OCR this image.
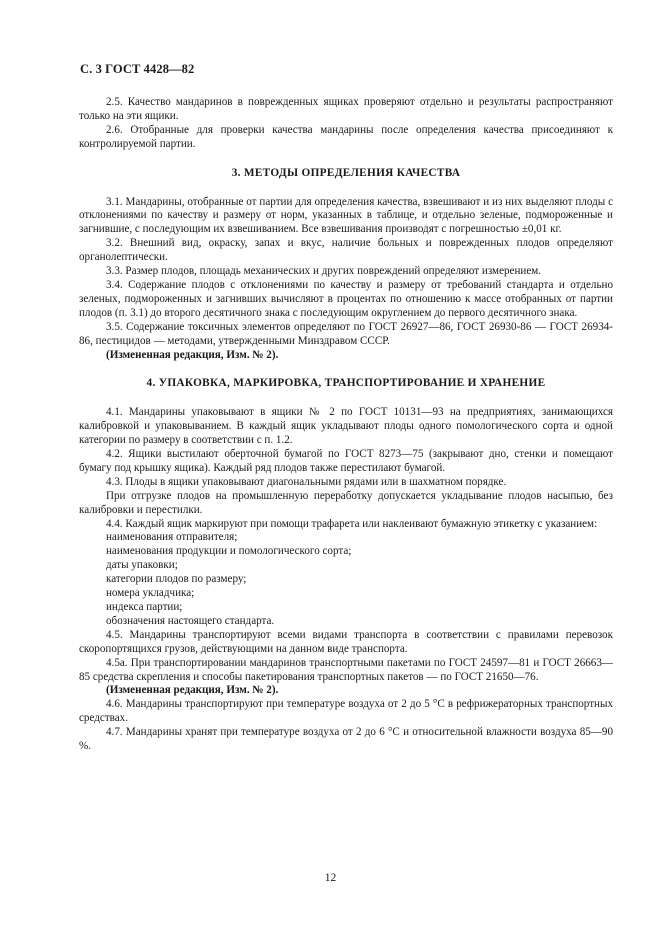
С. 3 ГОСТ 4428—82

2.5. Качество мандаринов в поврежденных ящиках проверяют отдельно и результаты распространяют только на эти ящики.

2.6. Отобранные для проверки качества мандарины после определения качества присоединяют к контролируемой партии.

3. МЕТОДЫ ОПРЕДЕЛЕНИЯ КАЧЕСТВА

3.1. Мандарины, отобранные от партии для определения качества, взвешивают и из них выделяют плоды с отклонениями по качеству и размеру от норм, указанных в таблице, и отдельно зеленые, подмороженные и загнившие, с последующим их взвешиванием. Все взвешивания производят с погрешностью ±0,01 кг.

3.2. Внешний вид, окраску, запах и вкус, наличие больных и поврежденных плодов определяют органолептически.

3.3. Размер плодов, площадь механических и других повреждений определяют измерением.

3.4. Содержание плодов с отклонениями по качеству и размеру от требований стандарта и отдельно зеленых, подмороженных и загнивших вычисляют в процентах по отношению к массе отобранных от партии плодов (п. 3.1) до второго десятичного знака с последующим округлением до первого десятичного знака.

3.5. Содержание токсичных элементов определяют по ГОСТ 26927—86, ГОСТ 26930-86 — ГОСТ 26934-86, пестицидов — методами, утвержденными Минздравом СССР.

(Измененная редакция, Изм. № 2).

4. УПАКОВКА, МАРКИРОВКА, ТРАНСПОРТИРОВАНИЕ И ХРАНЕНИЕ

4.1. Мандарины упаковывают в ящики № 2 по ГОСТ 10131—93 на предприятиях, занимающихся калибровкой и упаковыванием. В каждый ящик укладывают плоды одного помологического сорта и одной категории по размеру в соответствии с п. 1.2.

4.2. Ящики выстилают оберточной бумагой по ГОСТ 8273—75 (закрывают дно, стенки и помещают бумагу под крышку ящика). Каждый ряд плодов также перестилают бумагой.

4.3. Плоды в ящики упаковывают диагональными рядами или в шахматном порядке.

При отгрузке плодов на промышленную переработку допускается укладывание плодов насыпью, без калибровки и перестилки.

4.4. Каждый ящик маркируют при помощи трафарета или наклеивают бумажную этикетку с указанием:

наименования отправителя;
наименования продукции и помологического сорта;
даты упаковки;
категории плодов по размеру;
номера укладчика;
индекса партии;
обозначения настоящего стандарта.

4.5. Мандарины транспортируют всеми видами транспорта в соответствии с правилами перевозок скоропортящихся грузов, действующими на данном виде транспорта.

4.5а. При транспортировании мандаринов транспортными пакетами по ГОСТ 24597—81 и ГОСТ 26663—85 средства скрепления и способы пакетирования транспортных пакетов — по ГОСТ 21650—76.

(Измененная редакция, Изм. № 2).

4.6. Мандарины транспортируют при температуре воздуха от 2 до 5 °С в рефрижераторных транспортных средствах.

4.7. Мандарины хранят при температуре воздуха от 2 до 6 °С и относительной влажности воздуха 85—90 %.

12
